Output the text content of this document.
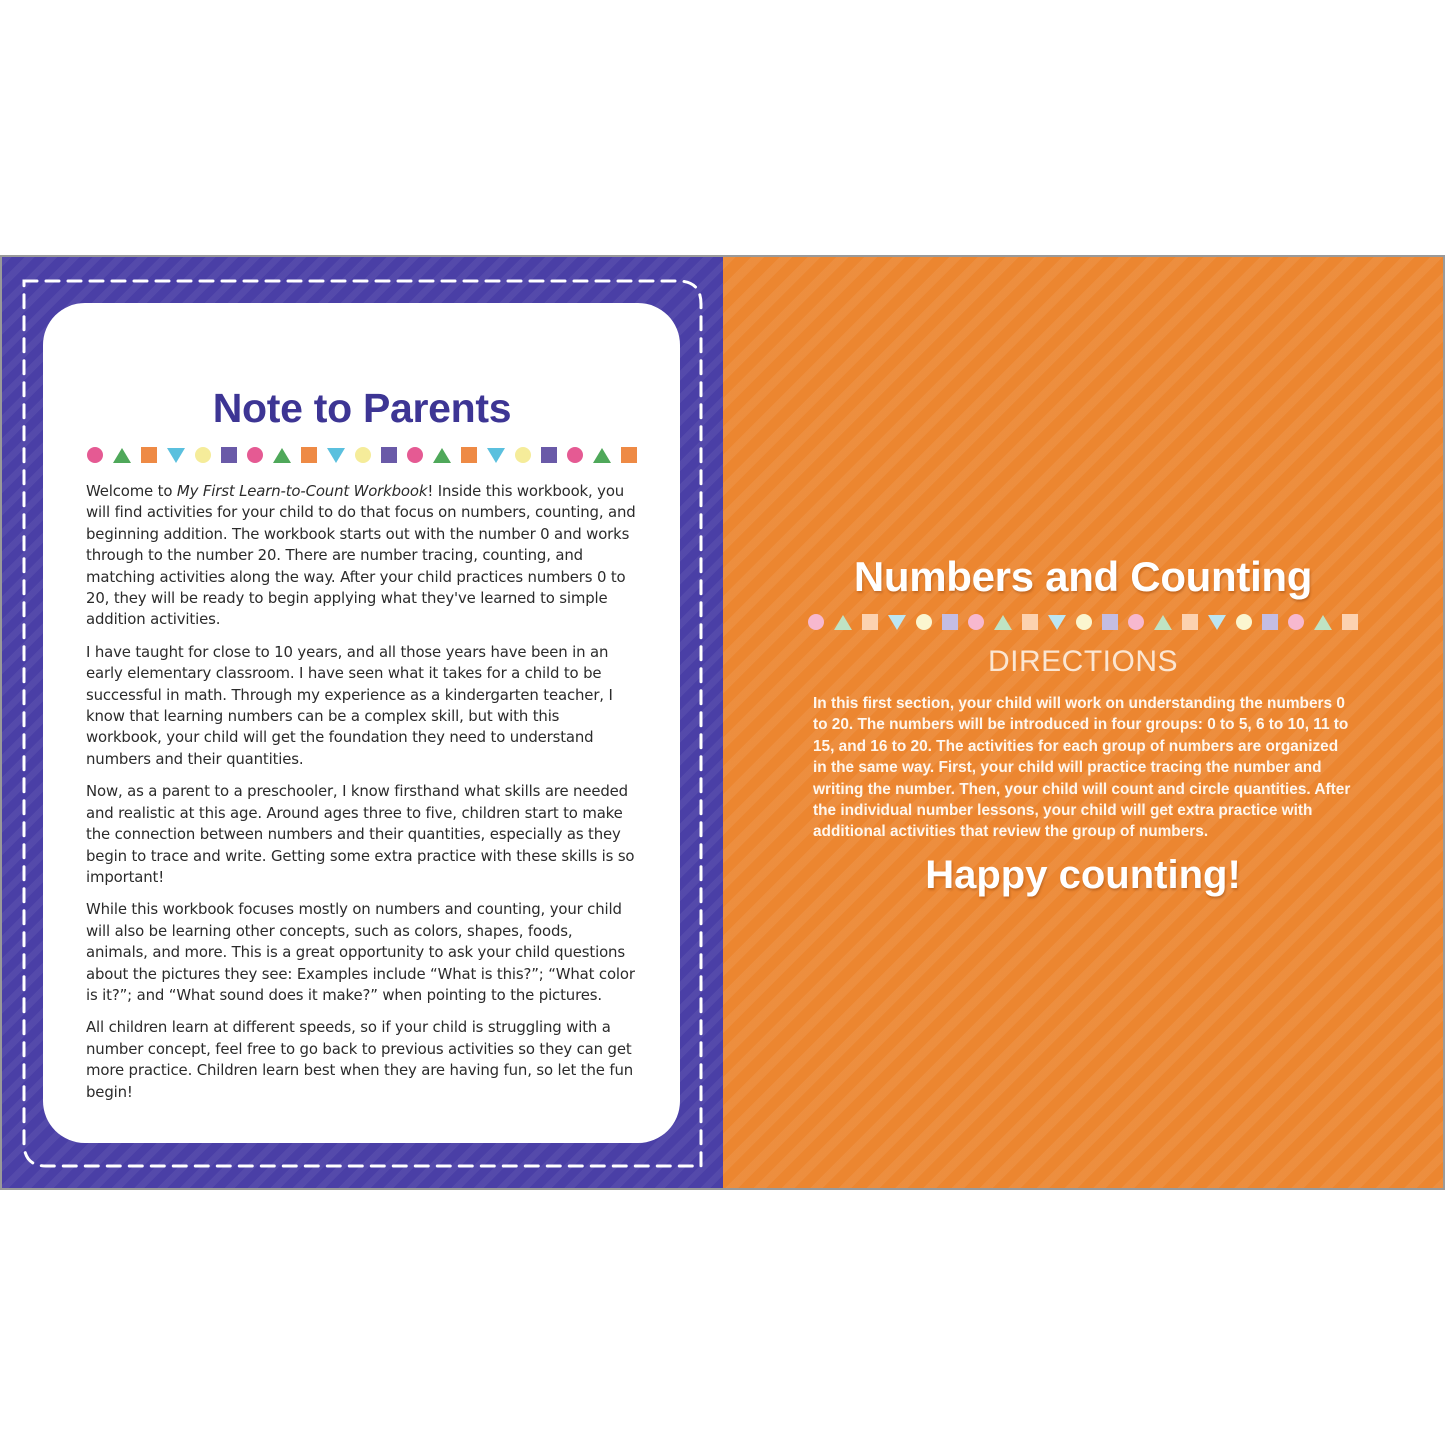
Note to Parents

Welcome to My First Learn-to-Count Workbook! Inside this workbook, you will find activities for your child to do that focus on numbers, counting, and beginning addition. The workbook starts out with the number 0 and works through to the number 20. There are number tracing, counting, and matching activities along the way. After your child practices numbers 0 to 20, they will be ready to begin applying what they've learned to simple addition activities.

I have taught for close to 10 years, and all those years have been in an early elementary classroom. I have seen what it takes for a child to be successful in math. Through my experience as a kindergarten teacher, I know that learning numbers can be a complex skill, but with this workbook, your child will get the foundation they need to understand numbers and their quantities.

Now, as a parent to a preschooler, I know firsthand what skills are needed and realistic at this age. Around ages three to five, children start to make the connection between numbers and their quantities, especially as they begin to trace and write. Getting some extra practice with these skills is so important!

While this workbook focuses mostly on numbers and counting, your child will also be learning other concepts, such as colors, shapes, foods, animals, and more. This is a great opportunity to ask your child questions about the pictures they see: Examples include “What is this?”; “What color is it?”; and “What sound does it make?” when pointing to the pictures.

All children learn at different speeds, so if your child is struggling with a number concept, feel free to go back to previous activities so they can get more practice. Children learn best when they are having fun, so let the fun begin!

Numbers and Counting
DIRECTIONS
In this first section, your child will work on understanding the numbers 0 to 20. The numbers will be introduced in four groups: 0 to 5, 6 to 10, 11 to 15, and 16 to 20. The activities for each group of numbers are organized in the same way. First, your child will practice tracing the number and writing the number. Then, your child will count and circle quantities. After the individual number lessons, your child will get extra practice with additional activities that review the group of numbers.
Happy counting!
